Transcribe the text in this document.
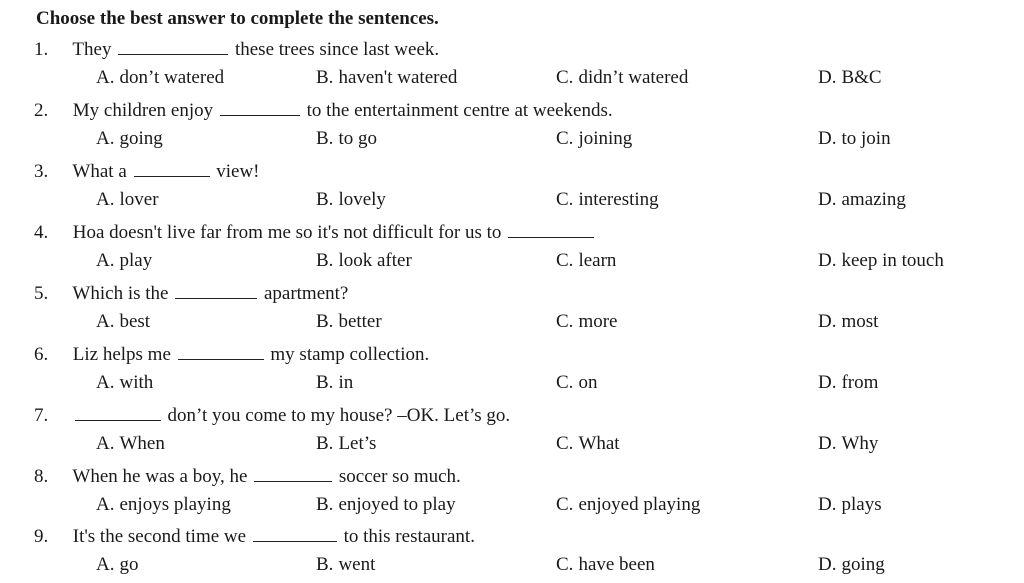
Choose the best answer to complete the sentences.
1. They	these trees since last week.
A. don’t watered	B. haven't watered	C. didn’t watered	D. B&C
2. My children enjoy	to the entertainment centre at weekends.
A. going	B. to go	C. joining	D. to join
3. What a	view!
A. lover	B. lovely	C. interesting	D. amazing
4. Hoa doesn't live far from me so it's not difficult for us to
A. play	B. look after	C. learn	D. keep in touch
5. Which is the	apartment?
A. best	B. better	C. more	D. most
6. Liz helps me	my stamp collection.
A. with	B. in	C. on	D. from
7.	don’t you come to my house? –OK. Let’s go.
A. When	B. Let’s	C. What	D. Why
8. When he was a boy, he	soccer so much.
A. enjoys playing	B. enjoyed to play	C. enjoyed playing	D. plays
9. It's the second time we	to this restaurant.
A. go	B. went	C. have been	D. going
